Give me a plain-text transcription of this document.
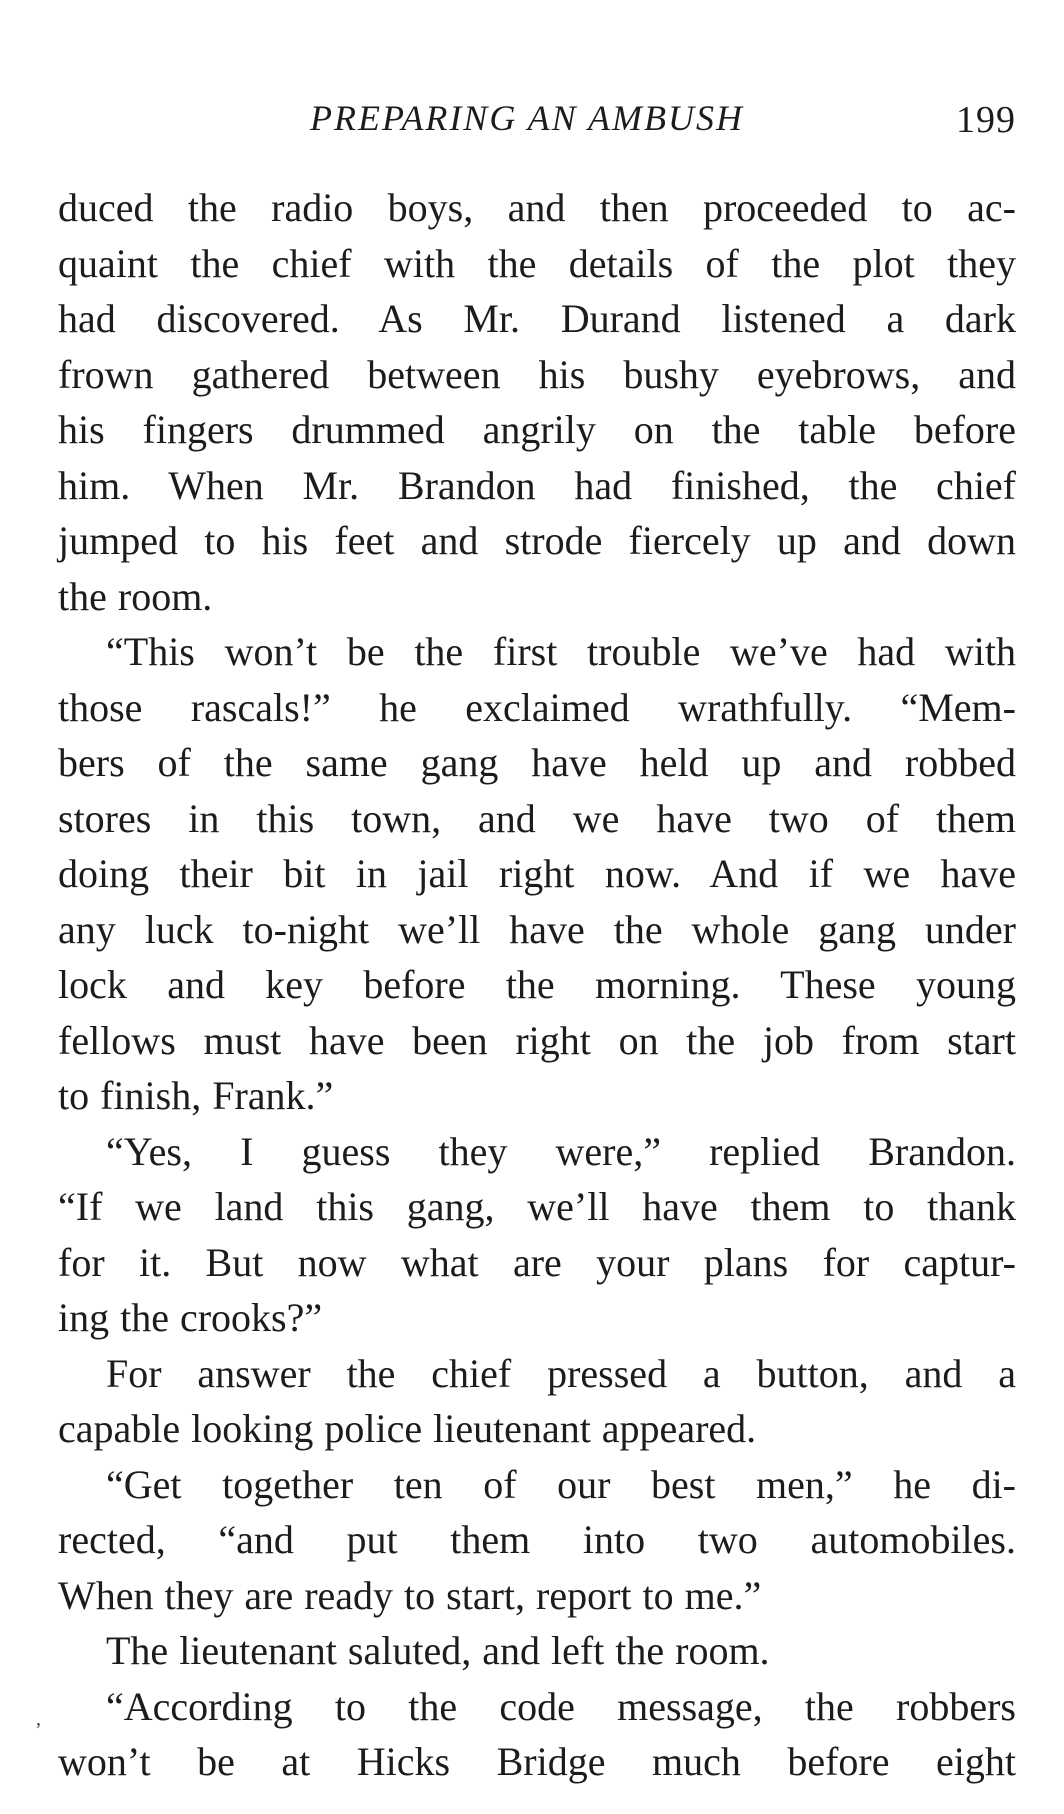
PREPARING AN AMBUSH	199
duced the radio boys, and then proceeded to ac-
quaint the chief with the details of the plot they
had discovered. As Mr. Durand listened a dark
frown gathered between his bushy eyebrows, and
his fingers drummed angrily on the table before
him. When Mr. Brandon had finished, the chief
jumped to his feet and strode fiercely up and down
the room.
“This won’t be the first trouble we’ve had with
those rascals!” he exclaimed wrathfully. “Mem-
bers of the same gang have held up and robbed
stores in this town, and we have two of them
doing their bit in jail right now. And if we have
any luck to-night we’ll have the whole gang under
lock and key before the morning. These young
fellows must have been right on the job from start
to finish, Frank.”
“Yes, I guess they were,” replied Brandon.
“If we land this gang, we’ll have them to thank
for it. But now what are your plans for captur-
ing the crooks?”
For answer the chief pressed a button, and a
capable looking police lieutenant appeared.
“Get together ten of our best men,” he di-
rected, “and put them into two automobiles.
When they are ready to start, report to me.”
The lieutenant saluted, and left the room.
“According to the code message, the robbers
won’t be at Hicks Bridge much before eight
’
